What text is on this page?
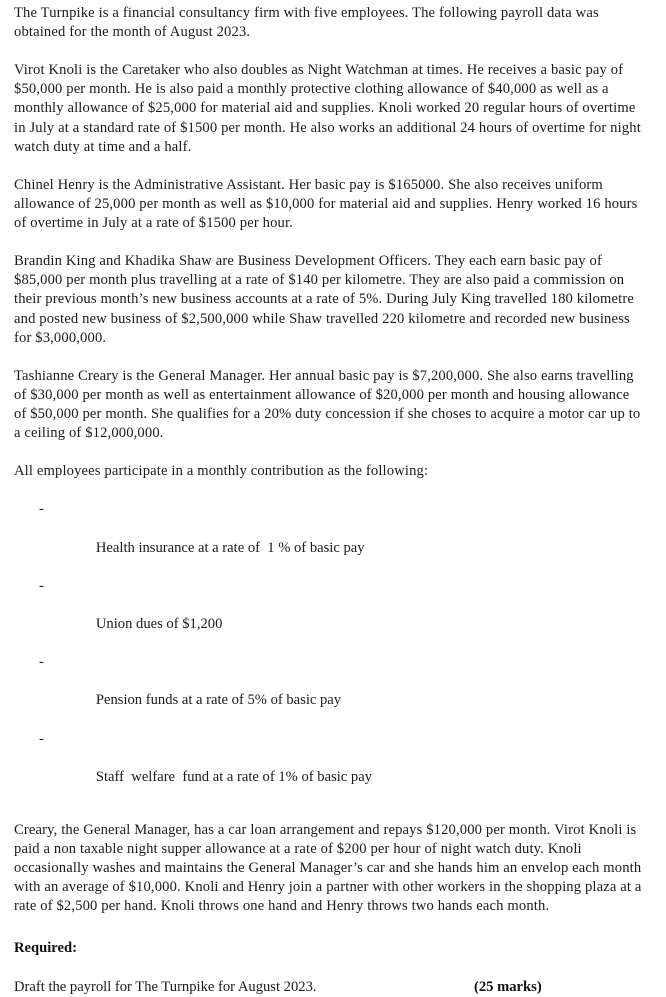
The Turnpike is a financial consultancy firm with five employees. The following payroll data was obtained for the month of August 2023.

Virot Knoli is the Caretaker who also doubles as Night Watchman at times. He receives a basic pay of $50,000 per month. He is also paid a monthly protective clothing allowance of $40,000 as well as a monthly allowance of $25,000 for material aid and supplies. Knoli worked 20 regular hours of overtime in July at a standard rate of $1500 per month. He also works an additional 24 hours of overtime for night watch duty at time and a half.

Chinel Henry is the Administrative Assistant. Her basic pay is $165000. She also receives uniform allowance of 25,000 per month as well as $10,000 for material aid and supplies. Henry worked 16 hours of overtime in July at a rate of $1500 per hour.

Brandin King and Khadika Shaw are Business Development Officers. They each earn basic pay of $85,000 per month plus travelling at a rate of $140 per kilometre. They are also paid a commission on their previous month’s new business accounts at a rate of 5%. During July King travelled 180 kilometre and posted new business of $2,500,000 while Shaw travelled 220 kilometre and recorded new business for $3,000,000.

Tashianne Creary is the General Manager. Her annual basic pay is $7,200,000. She also earns travelling of $30,000 per month as well as entertainment allowance of $20,000 per month and housing allowance of $50,000 per month. She qualifies for a 20% duty concession if she choses to acquire a motor car up to a ceiling of $12,000,000.

All employees participate in a monthly contribution as the following:

-

Health insurance at a rate of  1 % of basic pay

-

Union dues of $1,200

-

Pension funds at a rate of 5% of basic pay

-

Staff  welfare  fund at a rate of 1% of basic pay

Creary, the General Manager, has a car loan arrangement and repays $120,000 per month. Virot Knoli is paid a non taxable night supper allowance at a rate of $200 per hour of night watch duty. Knoli occasionally washes and maintains the General Manager’s car and she hands him an envelop each month with an average of $10,000. Knoli and Henry join a partner with other workers in the shopping plaza at a rate of $2,500 per hand. Knoli throws one hand and Henry throws two hands each month.

Required:

Draft the payroll for The Turnpike for August 2023.	(25 marks)
